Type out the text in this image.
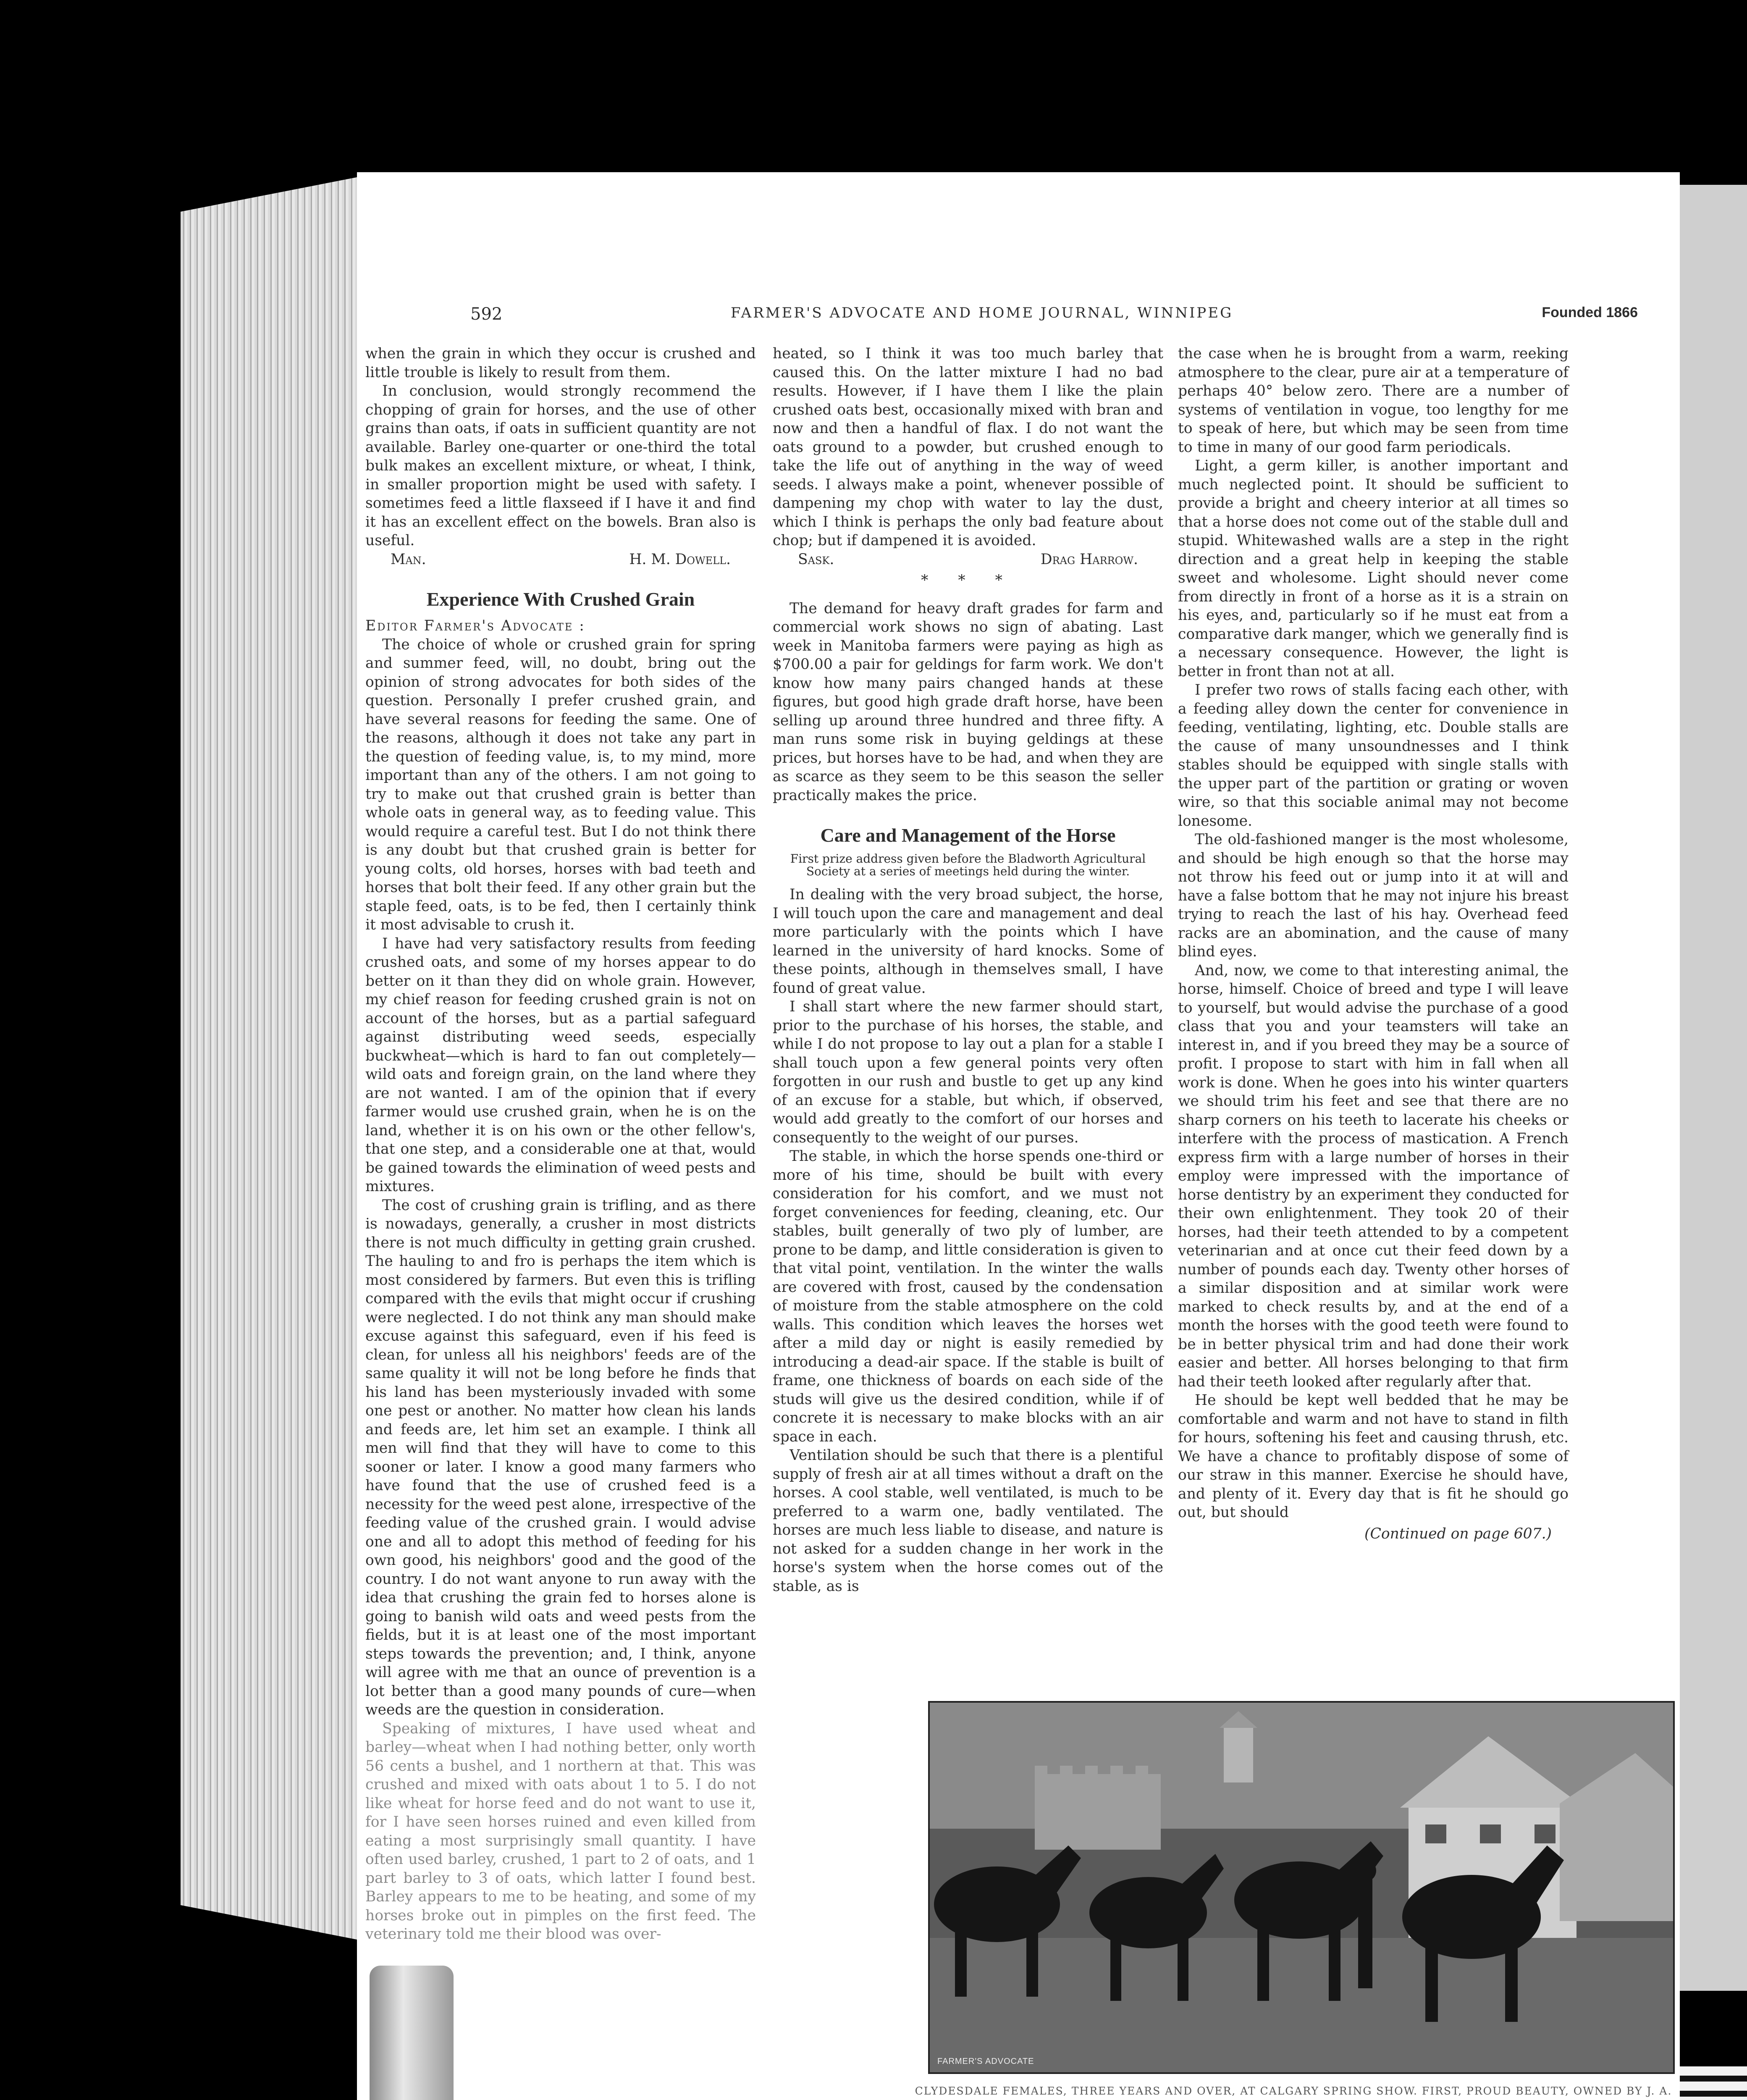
592	FARMER'S ADVOCATE AND HOME JOURNAL, WINNIPEG	Founded 1866

when the grain in which they occur is crushed and little trouble is likely to result from them.

In conclusion, would strongly recommend the chopping of grain for horses, and the use of other grains than oats, if oats in sufficient quantity are not available. Barley one-quarter or one-third the total bulk makes an excellent mixture, or wheat, I think, in smaller proportion might be used with safety. I sometimes feed a little flaxseed if I have it and find it has an excellent effect on the bowels. Bran also is useful.

Man.	H. M. Dowell.
Experience With Crushed Grain

Editor Farmer's Advocate :

The choice of whole or crushed grain for spring and summer feed, will, no doubt, bring out the opinion of strong advocates for both sides of the question. Personally I prefer crushed grain, and have several reasons for feeding the same. One of the reasons, although it does not take any part in the question of feeding value, is, to my mind, more important than any of the others. I am not going to try to make out that crushed grain is better than whole oats in general way, as to feeding value. This would require a careful test. But I do not think there is any doubt but that crushed grain is better for young colts, old horses, horses with bad teeth and horses that bolt their feed. If any other grain but the staple feed, oats, is to be fed, then I certainly think it most advisable to crush it.

I have had very satisfactory results from feeding crushed oats, and some of my horses appear to do better on it than they did on whole grain. However, my chief reason for feeding crushed grain is not on account of the horses, but as a partial safeguard against distributing weed seeds, especially buckwheat—which is hard to fan out completely—wild oats and foreign grain, on the land where they are not wanted. I am of the opinion that if every farmer would use crushed grain, when he is on the land, whether it is on his own or the other fellow's, that one step, and a considerable one at that, would be gained towards the elimination of weed pests and mixtures.

The cost of crushing grain is trifling, and as there is nowadays, generally, a crusher in most districts there is not much difficulty in getting grain crushed. The hauling to and fro is perhaps the item which is most considered by farmers. But even this is trifling compared with the evils that might occur if crushing were neglected. I do not think any man should make excuse against this safeguard, even if his feed is clean, for unless all his neighbors' feeds are of the same quality it will not be long before he finds that his land has been mysteriously invaded with some one pest or another. No matter how clean his lands and feeds are, let him set an example. I think all men will find that they will have to come to this sooner or later. I know a good many farmers who have found that the use of crushed feed is a necessity for the weed pest alone, irrespective of the feeding value of the crushed grain. I would advise one and all to adopt this method of feeding for his own good, his neighbors' good and the good of the country. I do not want anyone to run away with the idea that crushing the grain fed to horses alone is going to banish wild oats and weed pests from the fields, but it is at least one of the most important steps towards the prevention; and, I think, anyone will agree with me that an ounce of prevention is a lot better than a good many pounds of cure—when weeds are the question in consideration.

Speaking of mixtures, I have used wheat and barley—wheat when I had nothing better, only worth 56 cents a bushel, and 1 northern at that. This was crushed and mixed with oats about 1 to 5. I do not like wheat for horse feed and do not want to use it, for I have seen horses ruined and even killed from eating a most surprisingly small quantity. I have often used barley, crushed, 1 part to 2 of oats, and 1 part barley to 3 of oats, which latter I found best. Barley appears to me to be heating, and some of my horses broke out in pimples on the first feed. The veterinary told me their blood was over-

heated, so I think it was too much barley that caused this. On the latter mixture I had no bad results. However, if I have them I like the plain crushed oats best, occasionally mixed with bran and now and then a handful of flax. I do not want the oats ground to a powder, but crushed enough to take the life out of anything in the way of weed seeds. I always make a point, whenever possible of dampening my chop with water to lay the dust, which I think is perhaps the only bad feature about chop; but if dampened it is avoided.

Sask.	Drag Harrow.
* * *

The demand for heavy draft grades for farm and commercial work shows no sign of abating. Last week in Manitoba farmers were paying as high as $700.00 a pair for geldings for farm work. We don't know how many pairs changed hands at these figures, but good high grade draft horse, have been selling up around three hundred and three fifty. A man runs some risk in buying geldings at these prices, but horses have to be had, and when they are as scarce as they seem to be this season the seller practically makes the price.

Care and Management of the Horse
First prize address given before the Bladworth Agricultural Society at a series of meetings held during the winter.

In dealing with the very broad subject, the horse, I will touch upon the care and management and deal more particularly with the points which I have learned in the university of hard knocks. Some of these points, although in themselves small, I have found of great value.

I shall start where the new farmer should start, prior to the purchase of his horses, the stable, and while I do not propose to lay out a plan for a stable I shall touch upon a few general points very often forgotten in our rush and bustle to get up any kind of an excuse for a stable, but which, if observed, would add greatly to the comfort of our horses and consequently to the weight of our purses.

The stable, in which the horse spends one-third or more of his time, should be built with every consideration for his comfort, and we must not forget conveniences for feeding, cleaning, etc. Our stables, built generally of two ply of lumber, are prone to be damp, and little consideration is given to that vital point, ventilation. In the winter the walls are covered with frost, caused by the condensation of moisture from the stable atmosphere on the cold walls. This condition which leaves the horses wet after a mild day or night is easily remedied by introducing a dead-air space. If the stable is built of frame, one thickness of boards on each side of the studs will give us the desired condition, while if of concrete it is necessary to make blocks with an air space in each.

Ventilation should be such that there is a plentiful supply of fresh air at all times without a draft on the horses. A cool stable, well ventilated, is much to be preferred to a warm one, badly ventilated. The horses are much less liable to disease, and nature is not asked for a sudden change in her work in the horse's system when the horse comes out of the stable, as is

the case when he is brought from a warm, reeking atmosphere to the clear, pure air at a temperature of perhaps 40° below zero. There are a number of systems of ventilation in vogue, too lengthy for me to speak of here, but which may be seen from time to time in many of our good farm periodicals.

Light, a germ killer, is another important and much neglected point. It should be sufficient to provide a bright and cheery interior at all times so that a horse does not come out of the stable dull and stupid. Whitewashed walls are a step in the right direction and a great help in keeping the stable sweet and wholesome. Light should never come from directly in front of a horse as it is a strain on his eyes, and, particularly so if he must eat from a comparative dark manger, which we generally find is a necessary consequence. However, the light is better in front than not at all.

I prefer two rows of stalls facing each other, with a feeding alley down the center for convenience in feeding, ventilating, lighting, etc. Double stalls are the cause of many unsoundnesses and I think stables should be equipped with single stalls with the upper part of the partition or grating or woven wire, so that this sociable animal may not become lonesome.

The old-fashioned manger is the most wholesome, and should be high enough so that the horse may not throw his feed out or jump into it at will and have a false bottom that he may not injure his breast trying to reach the last of his hay. Overhead feed racks are an abomination, and the cause of many blind eyes.

And, now, we come to that interesting animal, the horse, himself. Choice of breed and type I will leave to yourself, but would advise the purchase of a good class that you and your teamsters will take an interest in, and if you breed they may be a source of profit. I propose to start with him in fall when all work is done. When he goes into his winter quarters we should trim his feet and see that there are no sharp corners on his teeth to lacerate his cheeks or interfere with the process of mastication. A French express firm with a large number of horses in their employ were impressed with the importance of horse dentistry by an experiment they conducted for their own enlightenment. They took 20 of their horses, had their teeth attended to by a competent veterinarian and at once cut their feed down by a number of pounds each day. Twenty other horses of a similar disposition and at similar work were marked to check results by, and at the end of a month the horses with the good teeth were found to be in better physical trim and had done their work easier and better. All horses belonging to that firm had their teeth looked after regularly after that.

He should be kept well bedded that he may be comfortable and warm and not have to stand in filth for hours, softening his feet and causing thrush, etc. We have a chance to profitably dispose of some of our straw in this manner. Exercise he should have, and plenty of it. Every day that is fit he should go out, but should

(Continued on page 607.)
FARMER'S ADVOCATE
CLYDESDALE FEMALES, THREE YEARS AND OVER, AT CALGARY SPRING SHOW. FIRST, PROUD BEAUTY, OWNED BY J. A.
